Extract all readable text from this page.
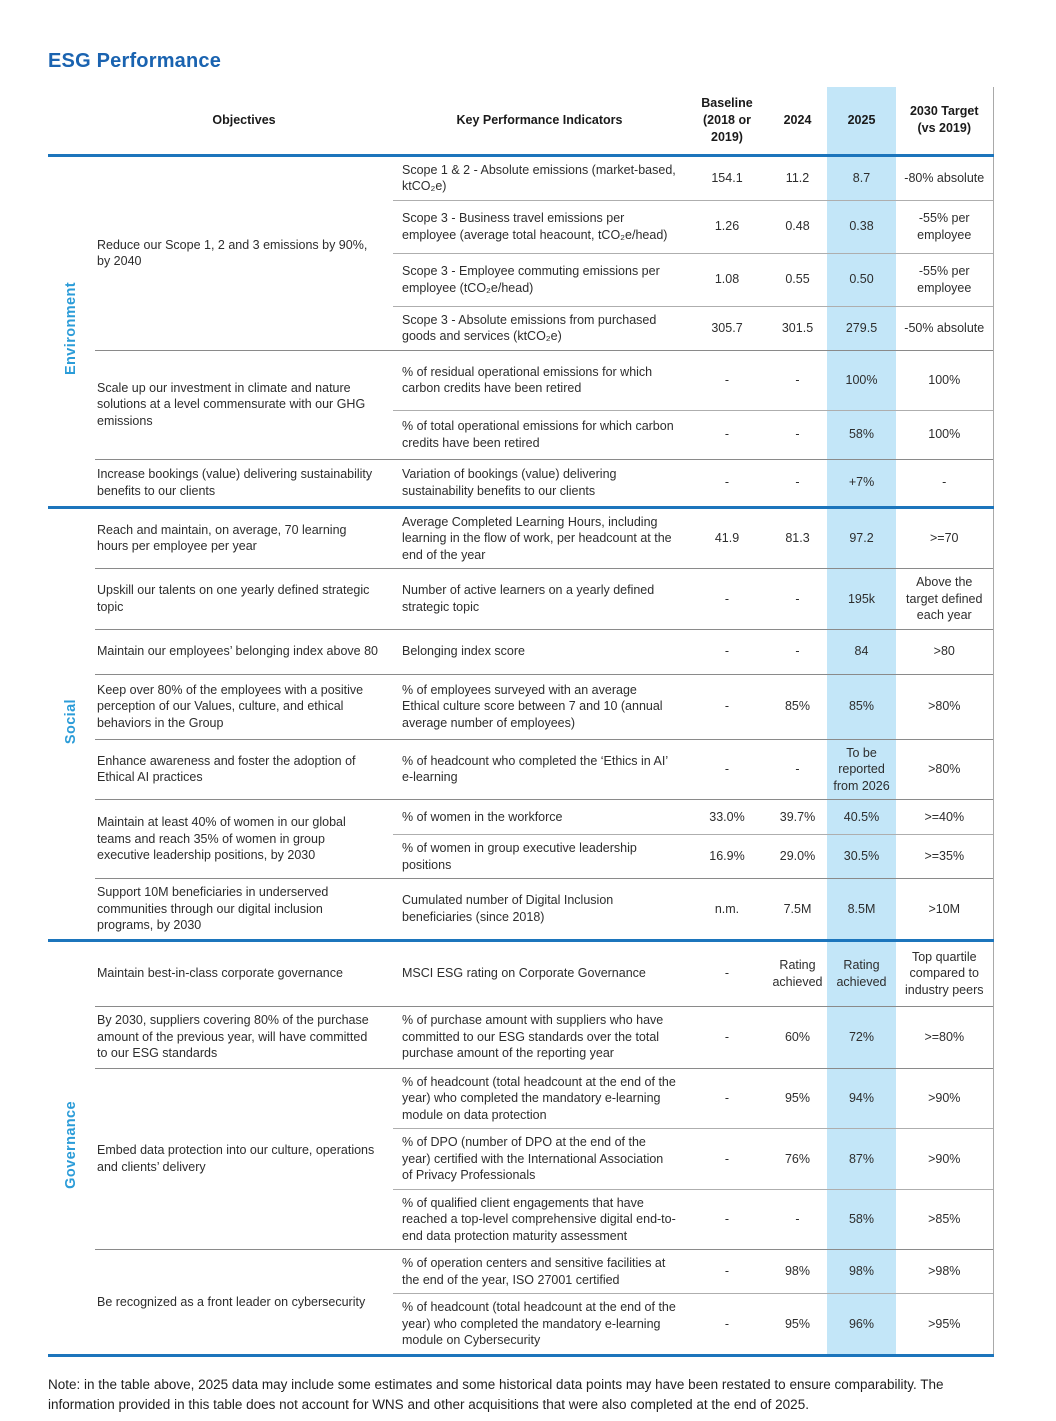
ESG Performance
	Objectives	Key Performance Indicators	Baseline (2018 or 2019)	2024	2025	2030 Target (vs 2019)
Environment	Reduce our Scope 1, 2 and 3 emissions by 90%, by 2040	Scope 1 & 2 - Absolute emissions (market-based, ktCO₂e)	154.1	11.2	8.7	-80% absolute
		Scope 3 - Business travel emissions per employee (average total heacount, tCO₂e/head)	1.26	0.48	0.38	-55% per employee
		Scope 3 - Employee commuting emissions per employee (tCO₂e/head)	1.08	0.55	0.50	-55% per employee
		Scope 3 - Absolute emissions from purchased goods and services (ktCO₂e)	305.7	301.5	279.5	-50% absolute
	Scale up our investment in climate and nature solutions at a level commensurate with our GHG emissions	% of residual operational emissions for which carbon credits have been retired	-	-	100%	100%
		% of total operational emissions for which carbon credits have been retired	-	-	58%	100%
	Increase bookings (value) delivering sustainability benefits to our clients	Variation of bookings (value) delivering sustainability benefits to our clients	-	-	+7%	-
Social	Reach and maintain, on average, 70 learning hours per employee per year	Average Completed Learning Hours, including learning in the flow of work, per headcount at the end of the year	41.9	81.3	97.2	>=70
	Upskill our talents on one yearly defined strategic topic	Number of active learners on a yearly defined strategic topic	-	-	195k	Above the target defined each year
	Maintain our employees’ belonging index above 80	Belonging index score	-	-	84	>80
	Keep over 80% of the employees with a positive perception of our Values, culture, and ethical behaviors in the Group	% of employees surveyed with an average Ethical culture score between 7 and 10 (annual average number of employees)	-	85%	85%	>80%
	Enhance awareness and foster the adoption of Ethical AI practices	% of headcount who completed the ‘Ethics in AI’ e-learning	-	-	To be reported from 2026	>80%
	Maintain at least 40% of women in our global teams and reach 35% of women in group executive leadership positions, by 2030	% of women in the workforce	33.0%	39.7%	40.5%	>=40%
		% of women in group executive leadership positions	16.9%	29.0%	30.5%	>=35%
	Support 10M beneficiaries in underserved communities through our digital inclusion programs, by 2030	Cumulated number of Digital Inclusion beneficiaries (since 2018)	n.m.	7.5M	8.5M	>10M
Governance	Maintain best-in-class corporate governance	MSCI ESG rating on Corporate Governance	-	Rating achieved	Rating achieved	Top quartile compared to industry peers
	By 2030, suppliers covering 80% of the purchase amount of the previous year, will have committed to our ESG standards	% of purchase amount with suppliers who have committed to our ESG standards over the total purchase amount of the reporting year	-	60%	72%	>=80%
	Embed data protection into our culture, operations and clients’ delivery	% of headcount (total headcount at the end of the year) who completed the mandatory e-learning module on data protection	-	95%	94%	>90%
		% of DPO (number of DPO at the end of the year) certified with the International Association of Privacy Professionals	-	76%	87%	>90%
		% of qualified client engagements that have reached a top-level comprehensive digital end-to-end data protection maturity assessment	-	-	58%	>85%
	Be recognized as a front leader on cybersecurity	% of operation centers and sensitive facilities at the end of the year, ISO 27001 certified	-	98%	98%	>98%
		% of headcount (total headcount at the end of the year) who completed the mandatory e-learning module on Cybersecurity	-	95%	96%	>95%
Note: in the table above, 2025 data may include some estimates and some historical data points may have been restated to ensure comparability. The information provided in this table does not account for WNS and other acquisitions that were also completed at the end of 2025.
